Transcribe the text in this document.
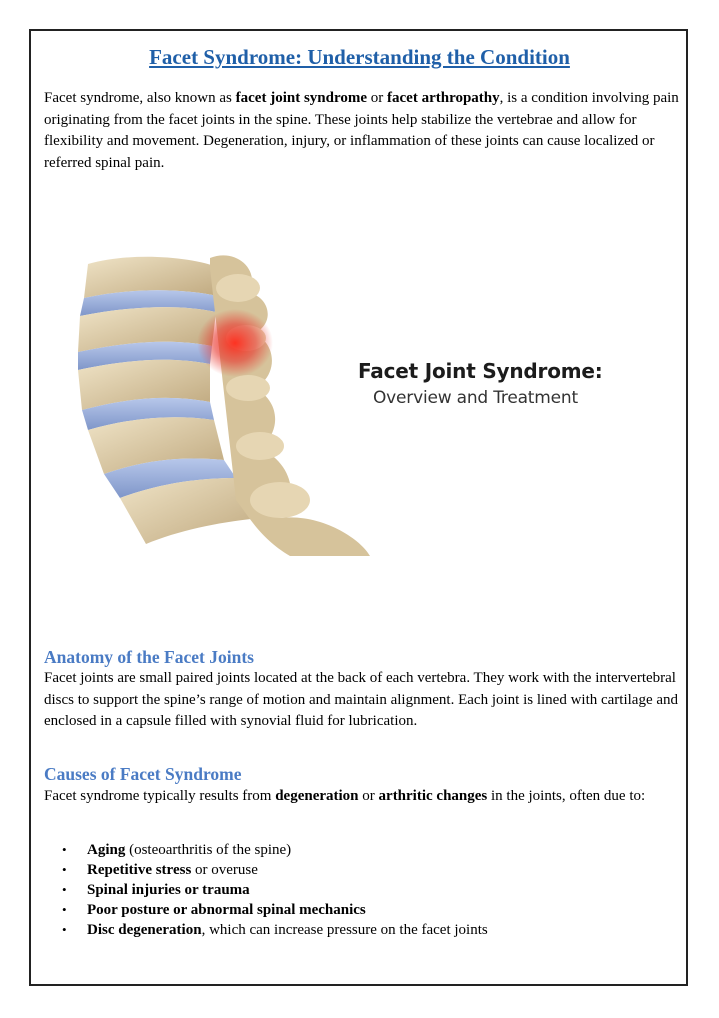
Facet Syndrome: Understanding the Condition

Facet syndrome, also known as facet joint syndrome or facet arthropathy, is a condition involving pain originating from the facet joints in the spine. These joints help stabilize the vertebrae and allow for flexibility and movement. Degeneration, injury, or inflammation of these joints can cause localized or referred spinal pain.

Facet Joint Syndrome:
Overview and Treatment
Anatomy of the Facet Joints

Facet joints are small paired joints located at the back of each vertebra. They work with the intervertebral discs to support the spine’s range of motion and maintain alignment. Each joint is lined with cartilage and enclosed in a capsule filled with synovial fluid for lubrication.

Causes of Facet Syndrome

Facet syndrome typically results from degeneration or arthritic changes in the joints, often due to:

• Aging (osteoarthritis of the spine)
• Repetitive stress or overuse
• Spinal injuries or trauma
• Poor posture or abnormal spinal mechanics
• Disc degeneration, which can increase pressure on the facet joints
